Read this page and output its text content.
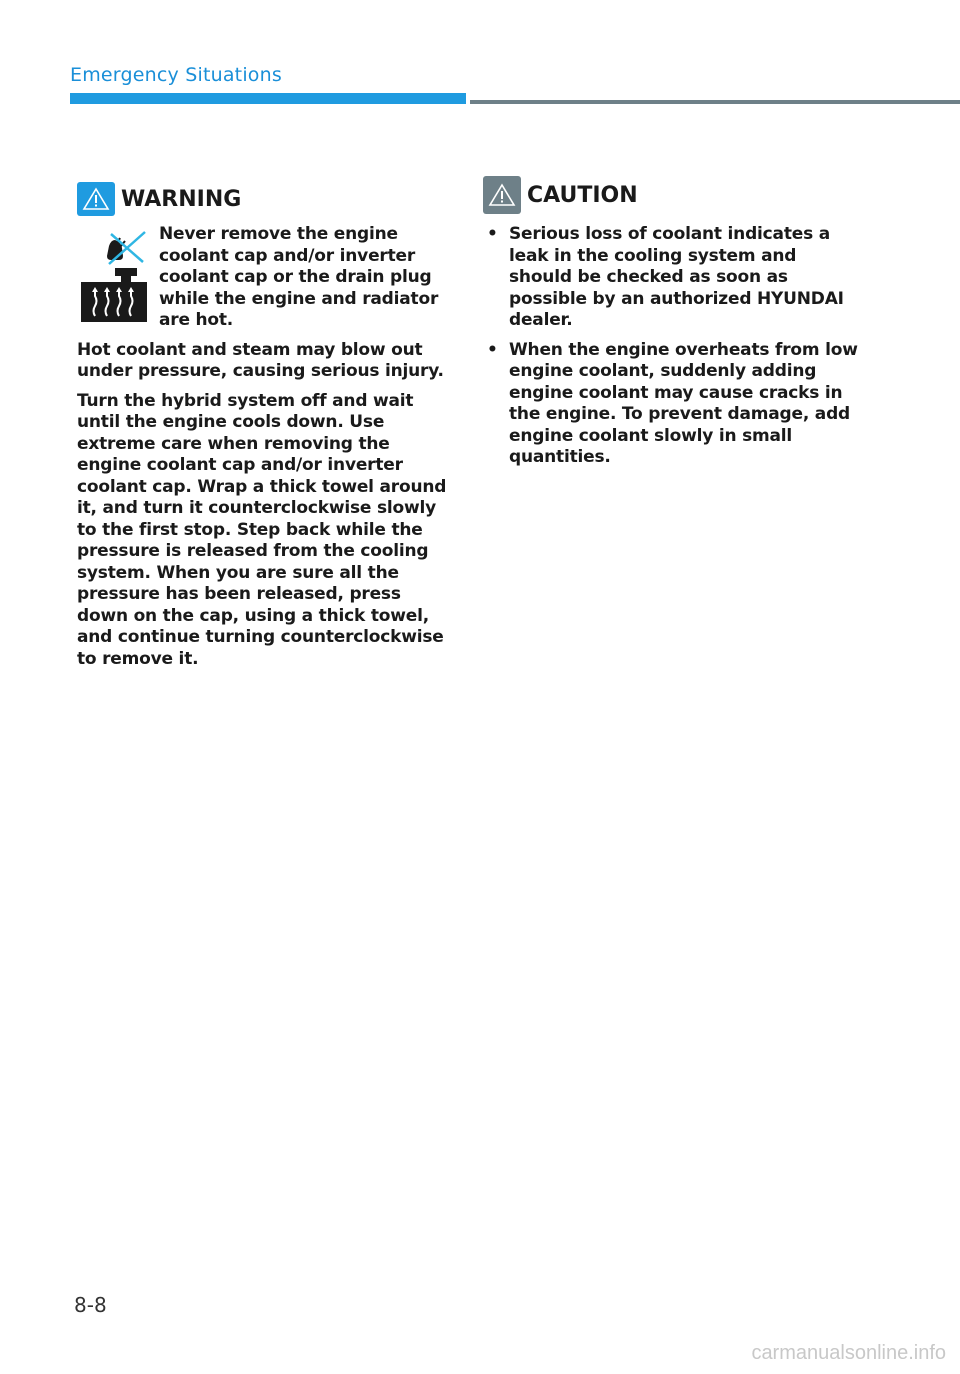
Emergency Situations
WARNING
Never remove the engine coolant cap and/or inverter coolant cap or the drain plug while the engine and radiator are hot.

Hot coolant and steam may blow out under pressure, causing serious injury.

Turn the hybrid system off and wait until the engine cools down. Use extreme care when removing the engine coolant cap and/or inverter coolant cap. Wrap a thick towel around it, and turn it counterclockwise slowly to the first stop. Step back while the pressure is released from the cooling system. When you are sure all the pressure has been released, press down on the cap, using a thick towel, and continue turning counterclockwise to remove it.

CAUTION
• Serious loss of coolant indicates a leak in the cooling system and should be checked as soon as possible by an authorized HYUNDAI dealer.
• When the engine overheats from low engine coolant, suddenly adding engine coolant may cause cracks in the engine. To prevent damage, add engine coolant slowly in small quantities.
8-8
carmanualsonline.info
